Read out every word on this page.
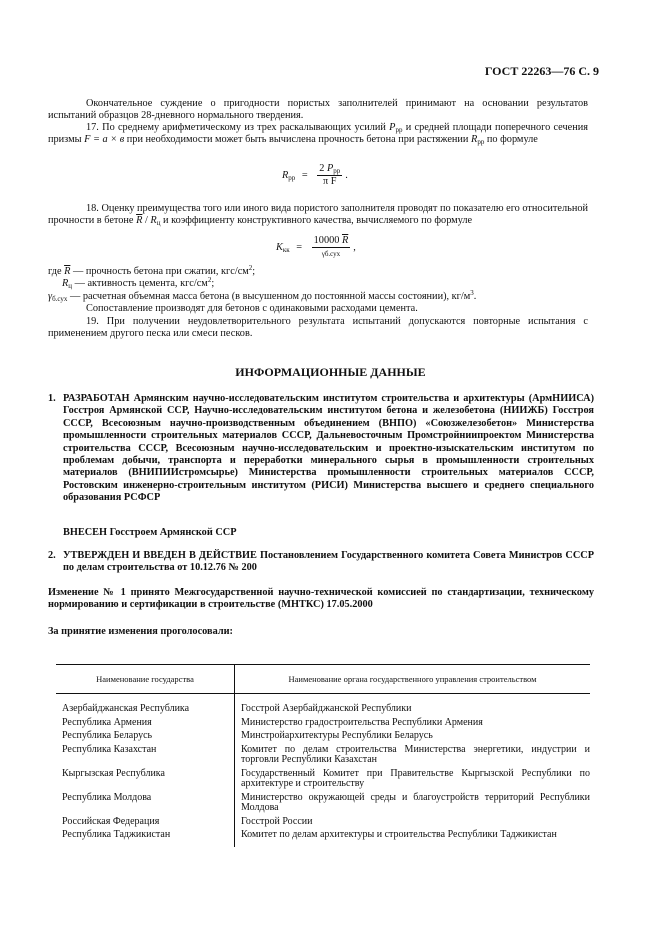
ГОСТ 22263—76 С. 9
Окончательное суждение о пригодности пористых заполнителей принимают на основании результатов испытаний образцов 28-дневного нормального твердения.
17. По среднему арифметическому из трех раскалывающих усилий $P_{рр}$ и средней площади поперечного сечения призмы F = a × в при необходимости может быть вычислена прочность бетона при растяжении $R_{рр}$ по формуле
$R_{рр} = \frac{2 P_{рр}}{\text{π F}}$ .
18. Оценку преимущества того или иного вида пористого заполнителя проводят по показателю его относительной прочности в бетоне $\overline{R} / R_ц$ и коэффициенту конструктивного качества, вычисляемого по формуле
$K_{кк} = \frac{10000 \overline{R}}{\text{γб.сух}}$ ,
где $\overline{R}$ — прочность бетона при сжатии, кгс/$см^2$;
$R_ц$ — активность цемента, кгс/$см^2$;
$\gamma_{б.сух}$ — расчетная объемная масса бетона (в высушенном до постоянной массы состоянии), $кг/м^3$.
Сопоставление производят для бетонов с одинаковыми расходами цемента.
19. При получении неудовлетворительного результата испытаний допускаются повторные испытания с применением другого песка или смеси песков.
ИНФОРМАЦИОННЫЕ ДАННЫЕ
1. РАЗРАБОТАН Армянским научно-исследовательским институтом строительства и архитектуры (АрмНИИСА) Госстроя Армянской ССР, Научно-исследовательским институтом бетона и железобетона (НИИЖБ) Госстроя СССР, Всесоюзным научно-производственным объединением (ВНПО) «Союзжелезобетон» Министерства промышленности строительных материалов СССР, Дальневосточным Промстройниипроектом Министерства строительства СССР, Всесоюзным научно-исследовательским и проектно-изыскательским институтом по проблемам добычи, транспорта и переработки минерального сырья в промышленности строительных материалов (ВНИПИИстромсырье) Министерства промышленности строительных материалов СССР, Ростовским инженерно-строительным институтом (РИСИ) Министерства высшего и среднего специального образования РСФСР
ВНЕСЕН Госстроем Армянской ССР
2. УТВЕРЖДЕН И ВВЕДЕН В ДЕЙСТВИЕ Постановлением Государственного комитета Совета Министров СССР по делам строительства от 10.12.76 № 200
Изменение № 1 принято Межгосударственной научно-технической комиссией по стандартизации, техническому нормированию и сертификации в строительстве (МНТКС) 17.05.2000
За принятие изменения проголосовали:
Наименование государства	Наименование органа государственного управления строительством
Азербайджанская Республика	Госстрой Азербайджанской Республики
Республика Армения	Министерство градостроительства Республики Армения
Республика Беларусь	Минстройархитектуры Республики Беларусь
Республика Казахстан	Комитет по делам строительства Министерства энергетики, индустрии и торговли Республики Казахстан
Кыргызская Республика	Государственный Комитет при Правительстве Кыргызской Республики по архитектуре и строительству
Республика Молдова	Министерство окружающей среды и благоустройств территорий Республики Молдова
Российская Федерация	Госстрой России
Республика Таджикистан	Комитет по делам архитектуры и строительства Республики Таджикистан
